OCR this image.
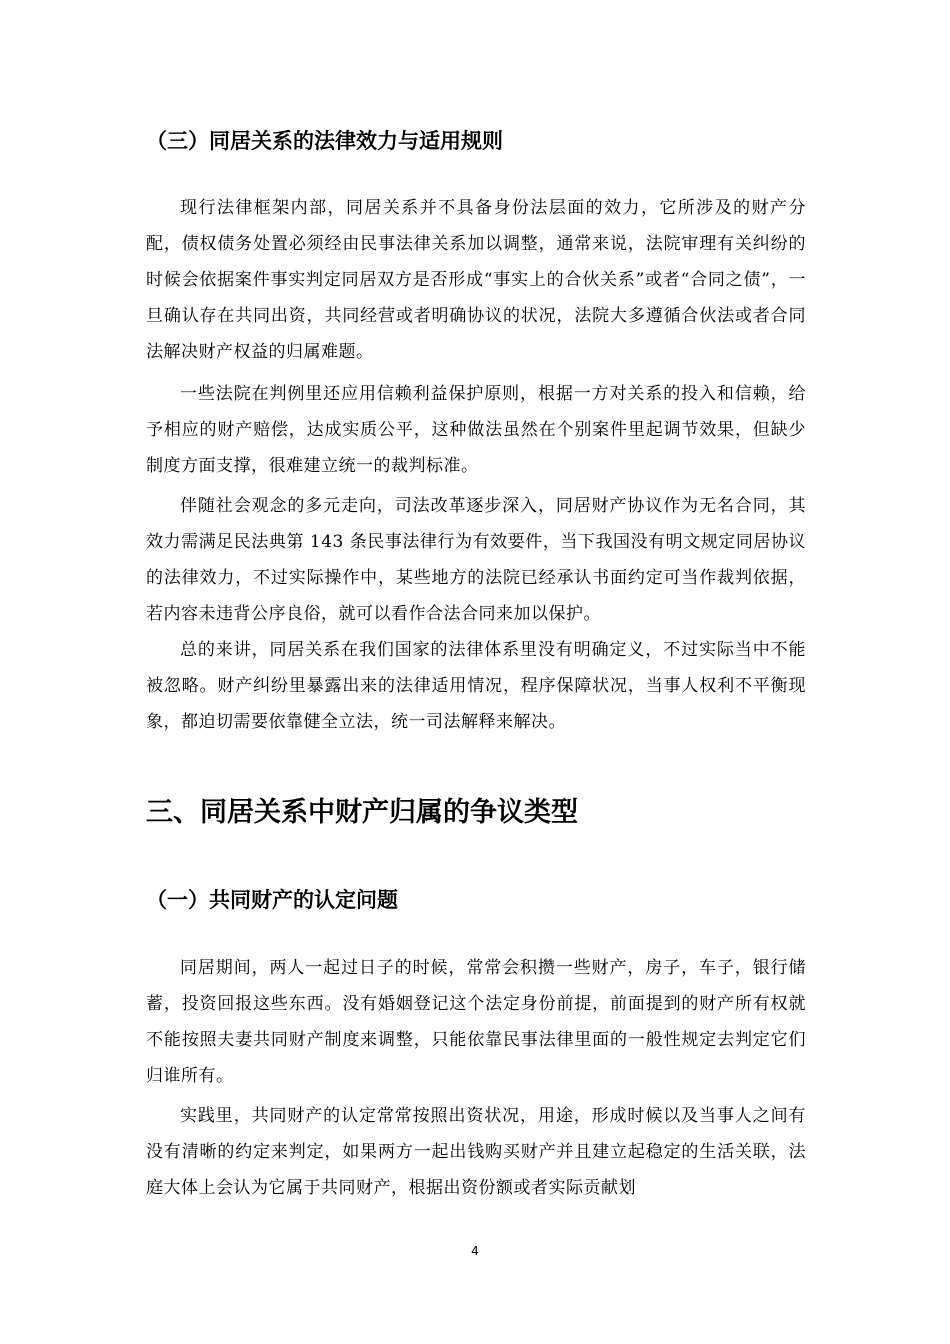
（三）同居关系的法律效力与适用规则

现行法律框架内部，同居关系并不具备身份法层面的效力，它所涉及的财产分配，债权债务处置必须经由民事法律关系加以调整，通常来说，法院审理有关纠纷的时候会依据案件事实判定同居双方是否形成“事实上的合伙关系”或者“合同之债”，一旦确认存在共同出资，共同经营或者明确协议的状况，法院大多遵循合伙法或者合同法解决财产权益的归属难题。

一些法院在判例里还应用信赖利益保护原则，根据一方对关系的投入和信赖，给予相应的财产赔偿，达成实质公平，这种做法虽然在个别案件里起调节效果，但缺少制度方面支撑，很难建立统一的裁判标准。

伴随社会观念的多元走向，司法改革逐步深入，同居财产协议作为无名合同，其效力需满足民法典第 143 条民事法律行为有效要件，当下我国没有明文规定同居协议的法律效力，不过实际操作中，某些地方的法院已经承认书面约定可当作裁判依据，若内容未违背公序良俗，就可以看作合法合同来加以保护。

总的来讲，同居关系在我们国家的法律体系里没有明确定义，不过实际当中不能被忽略。财产纠纷里暴露出来的法律适用情况，程序保障状况，当事人权利不平衡现象，都迫切需要依靠健全立法，统一司法解释来解决。

三、同居关系中财产归属的争议类型
（一）共同财产的认定问题

同居期间，两人一起过日子的时候，常常会积攒一些财产，房子，车子，银行储蓄，投资回报这些东西。没有婚姻登记这个法定身份前提，前面提到的财产所有权就不能按照夫妻共同财产制度来调整，只能依靠民事法律里面的一般性规定去判定它们归谁所有。

实践里，共同财产的认定常常按照出资状况，用途，形成时候以及当事人之间有没有清晰的约定来判定，如果两方一起出钱购买财产并且建立起稳定的生活关联，法庭大体上会认为它属于共同财产，根据出资份额或者实际贡献划

4
